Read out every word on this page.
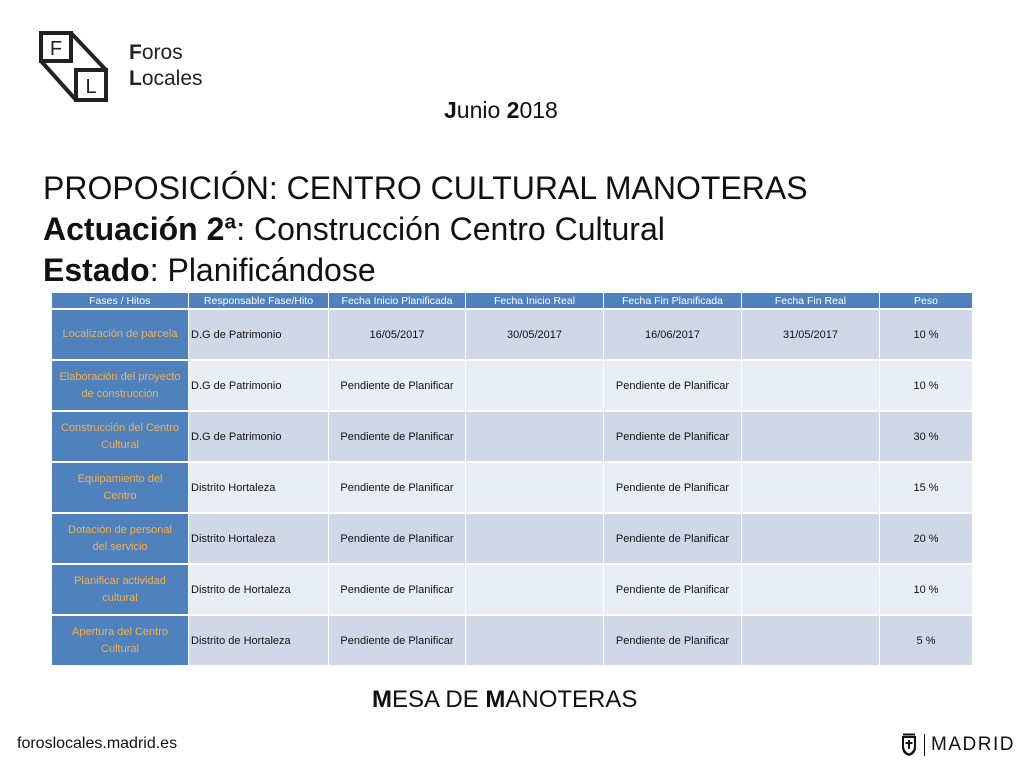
F
L
Foros
Locales
Junio 2018
PROPOSICIÓN: CENTRO CULTURAL MANOTERAS
Actuación 2ª: Construcción Centro Cultural
Estado: Planificándose
Fases / Hitos	Responsable Fase/Hito	Fecha Inicio Planificada	Fecha Inicio Real	Fecha Fin Planificada	Fecha Fin Real	Peso
Localización de parcela	D.G de Patrimonio	16/05/2017	30/05/2017	16/06/2017	31/05/2017	10 %
Elaboración del proyecto
de construcción	D.G de Patrimonio	Pendiente de Planificar		Pendiente de Planificar		10 %
Construcción del Centro
Cultural	D.G de Patrimonio	Pendiente de Planificar		Pendiente de Planificar		30 %
Equipamiento del
Centro	Distrito Hortaleza	Pendiente de Planificar		Pendiente de Planificar		15 %
Dotación de personal
del servicio	Distrito Hortaleza	Pendiente de Planificar		Pendiente de Planificar		20 %
Planificar actividad
cultural	Distrito de Hortaleza	Pendiente de Planificar		Pendiente de Planificar		10 %
Apertura del Centro
Cultural	Distrito de Hortaleza	Pendiente de Planificar		Pendiente de Planificar		5 %
MESA DE MANOTERAS
foroslocales.madrid.es	MADRID
